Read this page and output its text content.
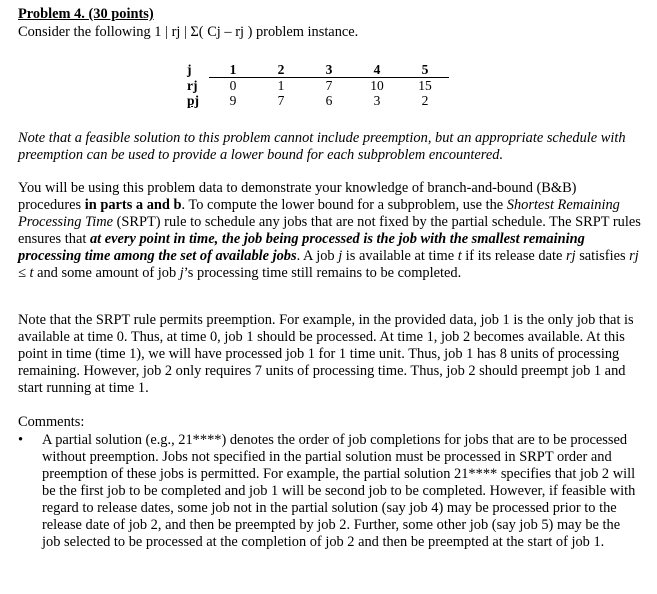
Problem 4. (30 points)

Consider the following 1 | rj | Σ( Cj – rj ) problem instance.

j	1	2	3	4	5
rj	0	1	7	10	15
pj	9	7	6	3	2

Note that a feasible solution to this problem cannot include preemption, but an appropriate schedule with preemption can be used to provide a lower bound for each subproblem encountered.

You will be using this problem data to demonstrate your knowledge of branch-and-bound (B&B) procedures in parts a and b. To compute the lower bound for a subproblem, use the Shortest Remaining Processing Time (SRPT) rule to schedule any jobs that are not fixed by the partial schedule. The SRPT rules ensures that at every point in time, the job being processed is the job with the smallest remaining processing time among the set of available jobs. A job j is available at time t if its release date rj satisfies rj ≤ t and some amount of job j’s processing time still remains to be completed.

Note that the SRPT rule permits preemption. For example, in the provided data, job 1 is the only job that is available at time 0. Thus, at time 0, job 1 should be processed. At time 1, job 2 becomes available. At this point in time (time 1), we will have processed job 1 for 1 time unit. Thus, job 1 has 8 units of processing remaining. However, job 2 only requires 7 units of processing time. Thus, job 2 should preempt job 1 and start running at time 1.

Comments:

•	A partial solution (e.g., 21****) denotes the order of job completions for jobs that are to be processed without preemption. Jobs not specified in the partial solution must be processed in SRPT order and preemption of these jobs is permitted. For example, the partial solution 21**** specifies that job 2 will be the first job to be completed and job 1 will be second job to be completed. However, if feasible with regard to release dates, some job not in the partial solution (say job 4) may be processed prior to the release date of job 2, and then be preempted by job 2. Further, some other job (say job 5) may be the job selected to be processed at the completion of job 2 and then be preempted at the start of job 1.
